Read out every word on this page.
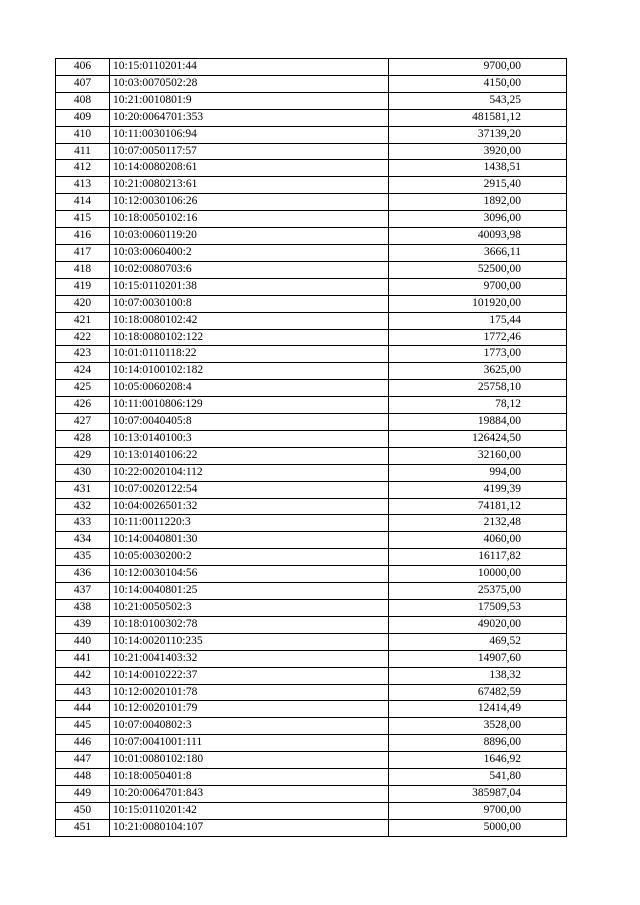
406	10:15:0110201:44	9700,00
407	10:03:0070502:28	4150,00
408	10:21:0010801:9	543,25
409	10:20:0064701:353	481581,12
410	10:11:0030106:94	37139,20
411	10:07:0050117:57	3920,00
412	10:14:0080208:61	1438,51
413	10:21:0080213:61	2915,40
414	10:12:0030106:26	1892,00
415	10:18:0050102:16	3096,00
416	10:03:0060119:20	40093,98
417	10:03:0060400:2	3666,11
418	10:02:0080703:6	52500,00
419	10:15:0110201:38	9700,00
420	10:07:0030100:8	101920,00
421	10:18:0080102:42	175,44
422	10:18:0080102:122	1772,46
423	10:01:0110118:22	1773,00
424	10:14:0100102:182	3625,00
425	10:05:0060208:4	25758,10
426	10:11:0010806:129	78,12
427	10:07:0040405:8	19884,00
428	10:13:0140100:3	126424,50
429	10:13:0140106:22	32160,00
430	10:22:0020104:112	994,00
431	10:07:0020122:54	4199,39
432	10:04:0026501:32	74181,12
433	10:11:0011220:3	2132,48
434	10:14:0040801:30	4060,00
435	10:05:0030200:2	16117,82
436	10:12:0030104:56	10000,00
437	10:14:0040801:25	25375,00
438	10:21:0050502:3	17509,53
439	10:18:0100302:78	49020,00
440	10:14:0020110:235	469,52
441	10:21:0041403:32	14907,60
442	10:14:0010222:37	138,32
443	10:12:0020101:78	67482,59
444	10:12:0020101:79	12414,49
445	10:07:0040802:3	3528,00
446	10:07:0041001:111	8896,00
447	10:01:0080102:180	1646,92
448	10:18:0050401:8	541,80
449	10:20:0064701:843	385987,04
450	10:15:0110201:42	9700,00
451	10:21:0080104:107	5000,00
